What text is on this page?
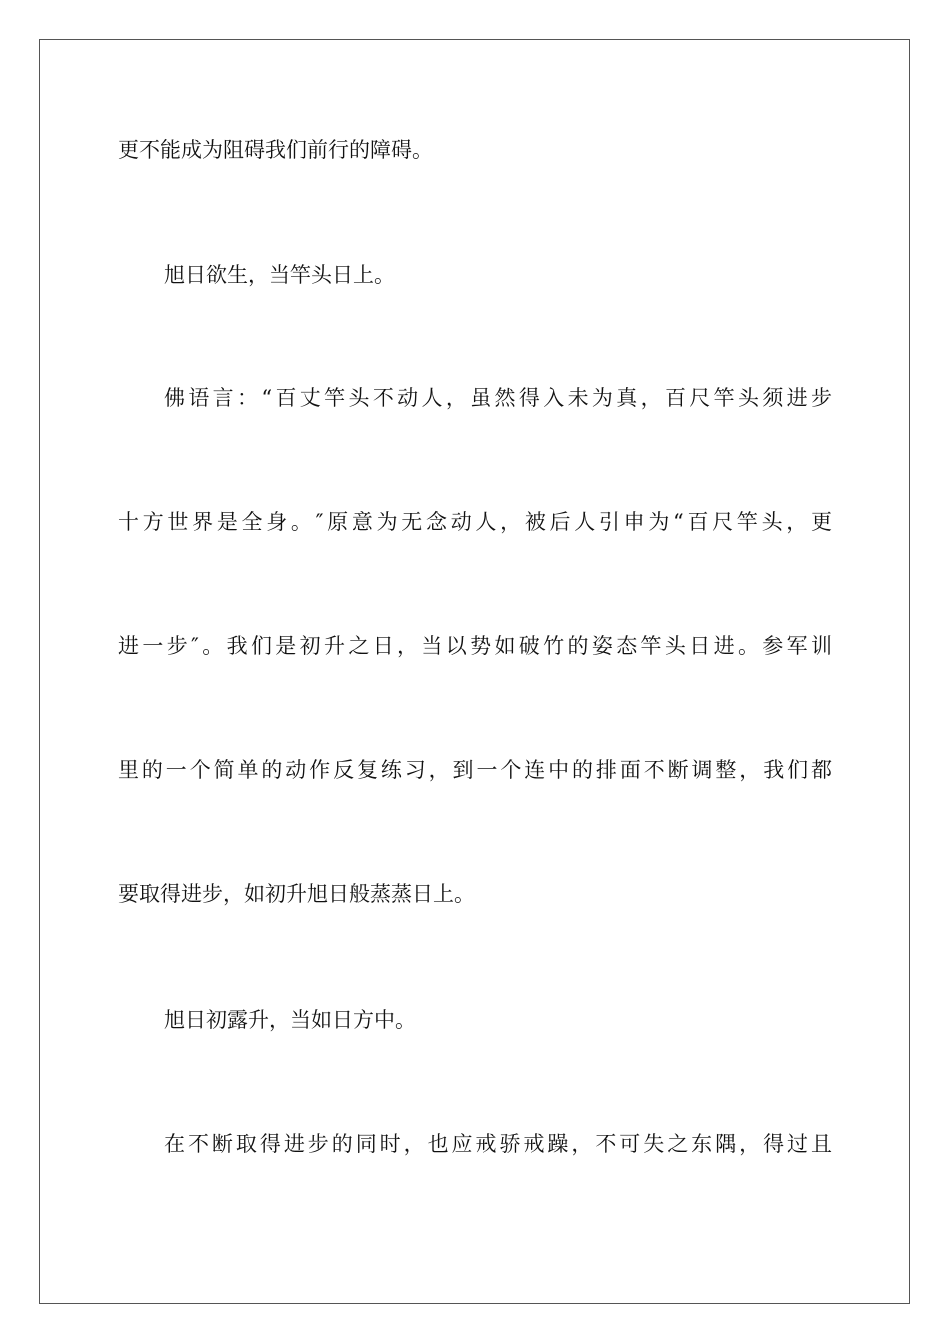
更不能成为阻碍我们前行的障碍。
旭日欲生，当竿头日上。
佛语言：“百丈竿头不动人，虽然得入未为真，百尺竿头须进步
十方世界是全身。″原意为无念动人，被后人引申为“百尺竿头，更
进一步″。我们是初升之日，当以势如破竹的姿态竿头日进。参军训
里的一个简单的动作反复练习，到一个连中的排面不断调整，我们都
要取得进步，如初升旭日般蒸蒸日上。
旭日初露升，当如日方中。
在不断取得进步的同时，也应戒骄戒躁，不可失之东隅，得过且
